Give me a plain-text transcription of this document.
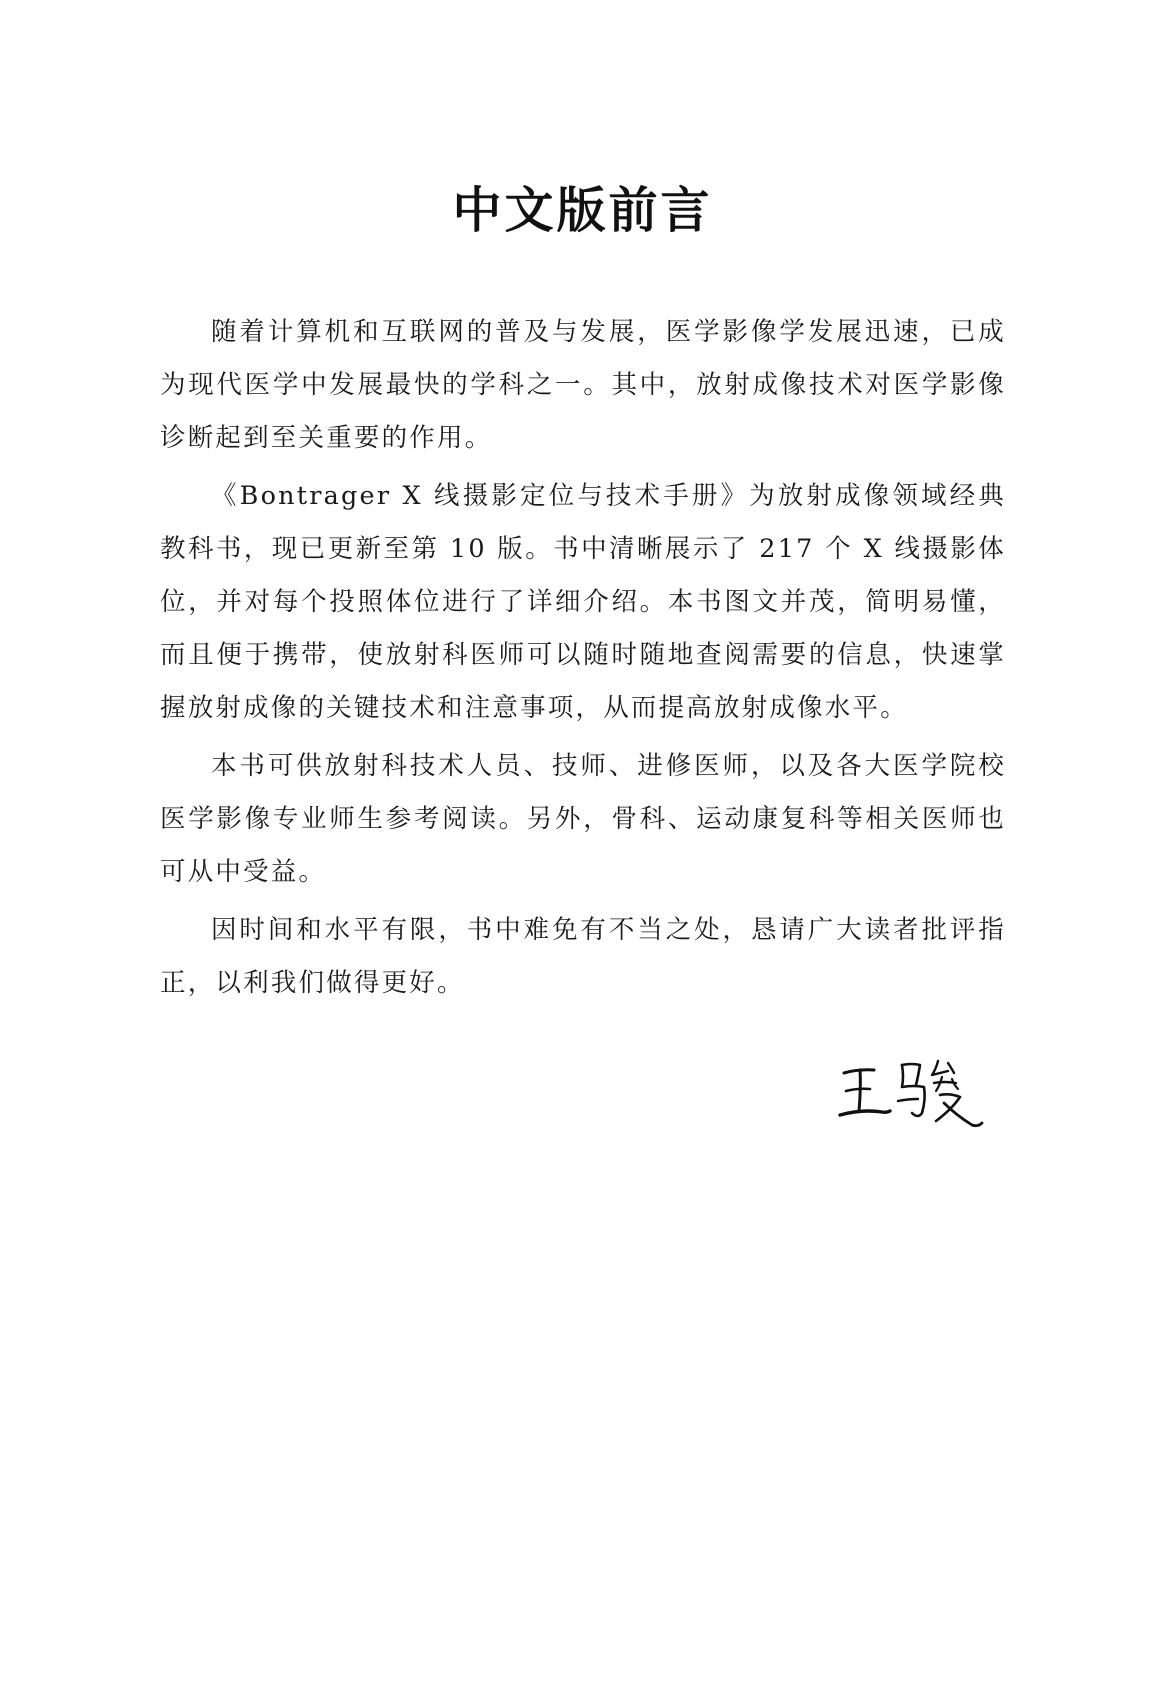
中文版前言

随着计算机和互联网的普及与发展，医学影像学发展迅速，已成为现代医学中发展最快的学科之一。其中，放射成像技术对医学影像诊断起到至关重要的作用。

《Bontrager X 线摄影定位与技术手册》为放射成像领域经典教科书，现已更新至第 10 版。书中清晰展示了 217 个 X 线摄影体位，并对每个投照体位进行了详细介绍。本书图文并茂，简明易懂，而且便于携带，使放射科医师可以随时随地查阅需要的信息，快速掌握放射成像的关键技术和注意事项，从而提高放射成像水平。

本书可供放射科技术人员、技师、进修医师，以及各大医学院校医学影像专业师生参考阅读。另外，骨科、运动康复科等相关医师也可从中受益。

因时间和水平有限，书中难免有不当之处，恳请广大读者批评指正，以利我们做得更好。
